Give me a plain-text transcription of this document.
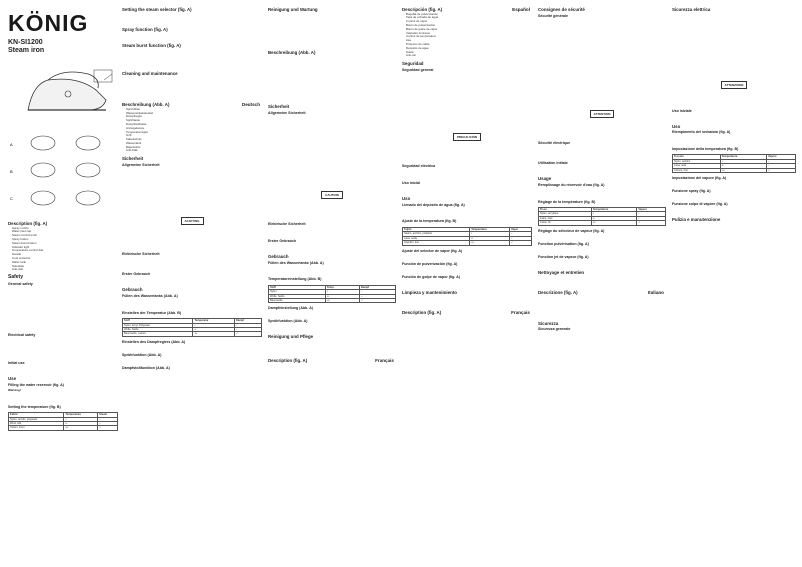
KÖNIG
KN-SI1200
Steam iron
A
B
C
Description (fig. A)
Spray nozzle
Water inlet cap
Steam control knob
Spray button
Steam burst button
Indicator light
Temperature control dial
Handle
Cord protector
Water tank
Soleplate
Anti-calc
Safety
General safety

Electrical safety

Initial use

Use
Filling the water reservoir (fig. A)
Warning!

Setting the temperature (fig. B)
Fabric	Temperature	Steam
Nylon, acrylic, polyester	•	–
Wool, silk	••	–
Cotton, linen	•••	✓
Setting the steam selector (fig. A)

Spray function (fig. A)

Steam burst function (fig. A)

Cleaning and maintenance

Beschreibung (Abb. A)	Deutsch
Sprühdüse
Wassereinlassdeckel
Dampfregler
Sprühtaste
Dampfstoßtaste
Anzeigelampe
Temperaturregler
Griff
Kabelschutz
Wassertank
Bügelsohle
Anti-Kalk
Sicherheit
Allgemeine Sicherheit

ACHTUNG

Elektrische Sicherheit

Erster Gebrauch

Gebrauch
Füllen des Wassertanks (Abb. A)

Einstellen der Temperatur (Abb. B)
Stoff	Temperatur	Dampf
Nylon, Acryl, Polyester	•	–
Wolle, Seide	••	–
Baumwolle, Leinen	•••	✓
Einstellen des Dampfreglers (Abb. A)

Sprühfunktion (Abb. A)

Dampfstoßfunktion (Abb. A)

Reinigung und Wartung

Beschreibung (Abb. A)

Sicherheit
Allgemeine Sicherheit

CAUTION

Elektrische Sicherheit

Erster Gebrauch

Gebrauch
Füllen des Wassertanks (Abb. A)

Temperatureinstellung (Abb. B)
Stoff	Temp.	Dampf
Nylon	•	–
Wolle, Seide	••	–
Baumwolle	•••	✓
Dampfeinstellung (Abb. A)

Sprühfunktion (Abb. A)

Reinigung und Pflege

Description (fig. A)	Français

Descripción (fig. A)	Español
Boquilla de pulverización
Tapa de entrada de agua
Control de vapor
Botón de pulverización
Botón de golpe de vapor
Indicador luminoso
Control de temperatura
Asa
Protector de cable
Depósito de agua
Suela
Anti-cal
Seguridad
Seguridad general

PRECAUCIÓN

Seguridad eléctrica

Uso inicial

Uso
Llenado del depósito de agua (fig. A)

Ajuste de la temperatura (fig. B)
Tejido	Temperatura	Vapor
Nailon, acrílico, poliéster	•	–
Lana, seda	••	–
Algodón, lino	•••	✓
Ajuste del selector de vapor (fig. A)

Función de pulverización (fig. A)

Función de golpe de vapor (fig. A)

Limpieza y mantenimiento

Description (fig. A)	Français

Consignes de sécurité
Sécurité générale

ATTENTION

Sécurité électrique

Utilisation initiale

Usage
Remplissage du réservoir d'eau (fig. A)

Réglage de la température (fig. B)
Tissu	Température	Vapeur
Nylon, acrylique	•	–
Laine, soie	••	–
Coton, lin	•••	✓
Réglage du sélecteur de vapeur (fig. A)

Fonction pulvérisation (fig. A)

Fonction jet de vapeur (fig. A)

Nettoyage et entretien

Descrizione (fig. A)	Italiano

Sicurezza
Sicurezza generale

Sicurezza elettrica

ATTENZIONE

Uso iniziale

Uso
Riempimento del serbatoio (fig. A)

Impostazione della temperatura (fig. B)
Tessuto	Temperatura	Vapore
Nylon, acrilico	•	–
Lana, seta	••	–
Cotone, lino	•••	✓
Impostazione del vapore (fig. A)

Funzione spray (fig. A)

Funzione colpo di vapore (fig. A)

Pulizia e manutenzione
